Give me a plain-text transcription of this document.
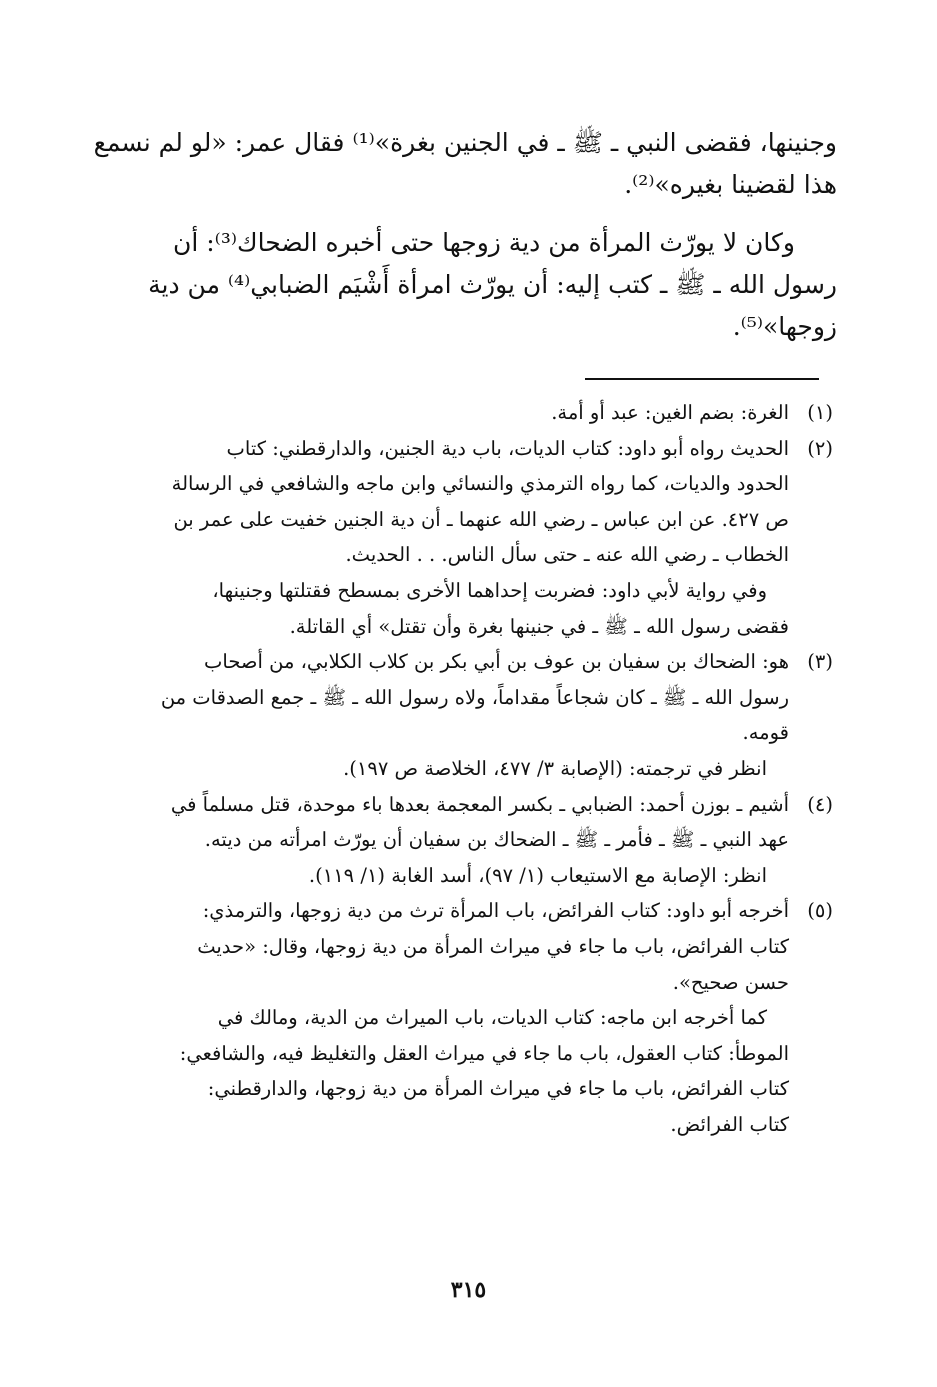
وجنينها، فقضى النبي ـ ﷺ ـ في الجنين بغرة»⁽¹⁾ فقال عمر: «لو لم نسمع
هذا لقضينا بغيره»⁽²⁾.

وكان لا يورّث المرأة من دية زوجها حتى أخبره الضحاك⁽³⁾: أن
رسول الله ـ ﷺ ـ كتب إليه: أن يورّث امرأة أَشْيَم الضبابي⁽⁴⁾ من دية
زوجها»⁽⁵⁾.

(١)
الغرة: بضم الغين: عبد أو أمة.
(٢)
الحديث رواه أبو داود: كتاب الديات، باب دية الجنين، والدارقطني: كتاب
الحدود والديات، كما رواه الترمذي والنسائي وابن ماجه والشافعي في الرسالة
ص ٤٢٧. عن ابن عباس ـ رضي الله عنهما ـ أن دية الجنين خفيت على عمر بن
الخطاب ـ رضي الله عنه ـ حتى سأل الناس. . . الحديث.
وفي رواية لأبي داود: فضربت إحداهما الأخرى بمسطح فقتلتها وجنينها،
فقضى رسول الله ـ ﷺ ـ في جنينها بغرة وأن تقتل» أي القاتلة.
(٣)
هو: الضحاك بن سفيان بن عوف بن أبي بكر بن كلاب الكلابي، من أصحاب
رسول الله ـ ﷺ ـ كان شجاعاً مقداماً، ولاه رسول الله ـ ﷺ ـ جمع الصدقات من
قومه.
انظر في ترجمته: (الإصابة ٣/ ٤٧٧، الخلاصة ص ١٩٧).
(٤)
أشيم ـ بوزن أحمد: الضبابي ـ بكسر المعجمة بعدها باء موحدة، قتل مسلماً في
عهد النبي ـ ﷺ ـ فأمر ـ ﷺ ـ الضحاك بن سفيان أن يورّث امرأته من ديته.
انظر: الإصابة مع الاستيعاب (١/ ٩٧)، أسد الغابة (١/ ١١٩).
(٥)
أخرجه أبو داود: كتاب الفرائض، باب المرأة ترث من دية زوجها، والترمذي:
كتاب الفرائض، باب ما جاء في ميراث المرأة من دية زوجها، وقال: «حديث
حسن صحيح».
كما أخرجه ابن ماجه: كتاب الديات، باب الميراث من الدية، ومالك في
الموطأ: كتاب العقول، باب ما جاء في ميراث العقل والتغليظ فيه، والشافعي:
كتاب الفرائض، باب ما جاء في ميراث المرأة من دية زوجها، والدارقطني:
كتاب الفرائض.
٣١٥
